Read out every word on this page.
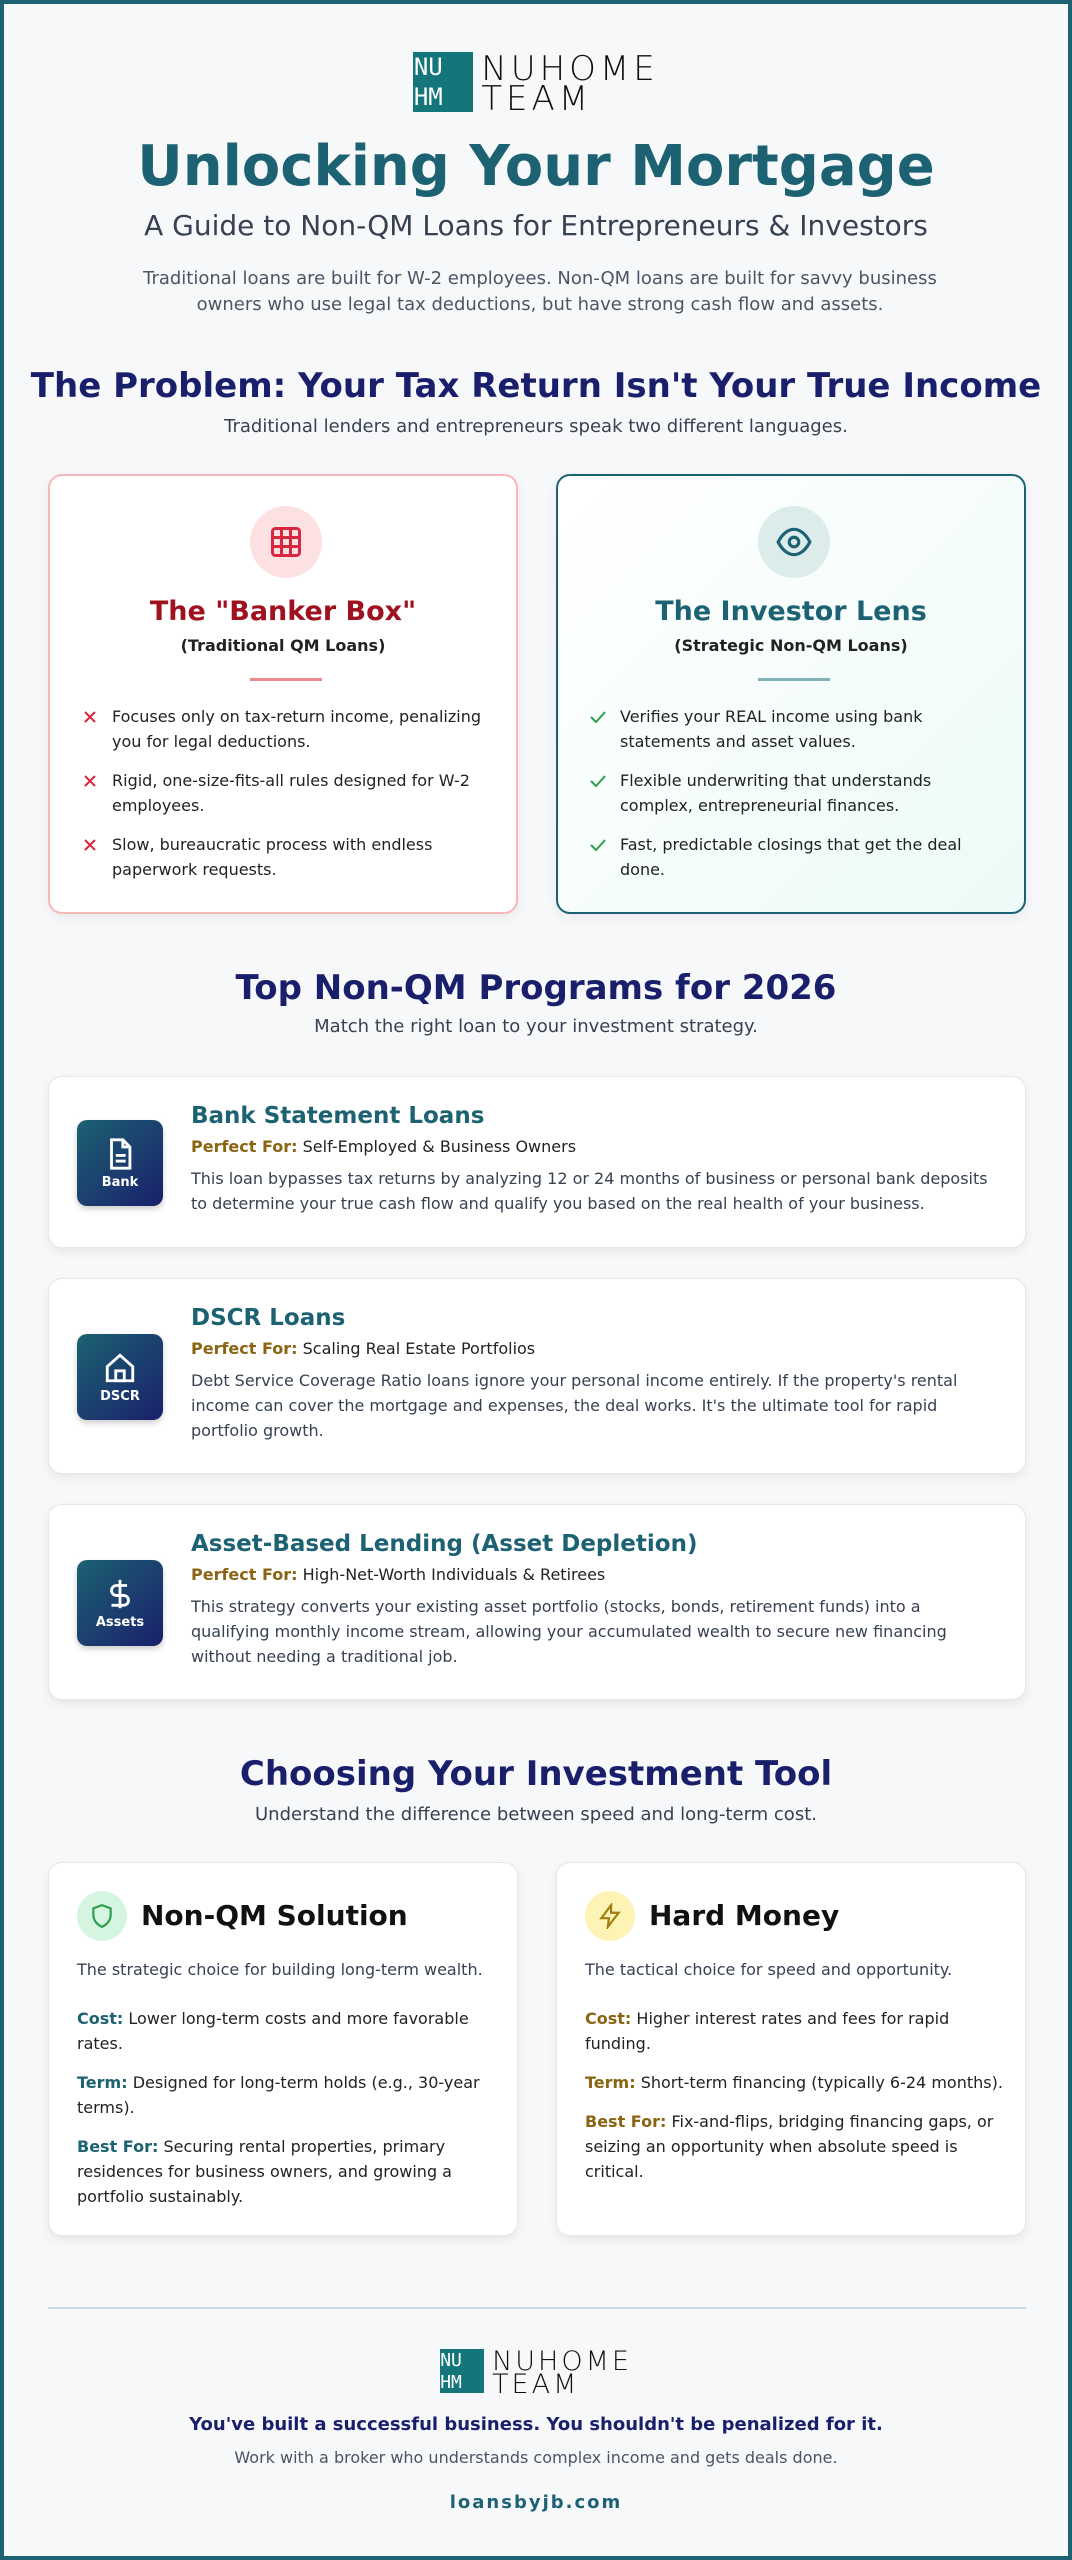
NU
HM
NUHOME
TEAM
Unlocking Your Mortgage
A Guide to Non-QM Loans for Entrepreneurs & Investors

Traditional loans are built for W-2 employees. Non-QM loans are built for savvy business owners who use legal tax deductions, but have strong cash flow and assets.

The Problem: Your Tax Return Isn't Your True Income
Traditional lenders and entrepreneurs speak two different languages.
The "Banker Box"
(Traditional QM Loans)
Focuses only on tax-return income, penalizing you for legal deductions.
Rigid, one-size-fits-all rules designed for W-2 employees.
Slow, bureaucratic process with endless paperwork requests.
The Investor Lens
(Strategic Non-QM Loans)
Verifies your REAL income using bank statements and asset values.
Flexible underwriting that understands complex, entrepreneurial finances.
Fast, predictable closings that get the deal done.
Top Non-QM Programs for 2026
Match the right loan to your investment strategy.
Bank
Bank Statement Loans
Perfect For: Self-Employed & Business Owners
This loan bypasses tax returns by analyzing 12 or 24 months of business or personal bank deposits to determine your true cash flow and qualify you based on the real health of your business.
DSCR
DSCR Loans
Perfect For: Scaling Real Estate Portfolios
Debt Service Coverage Ratio loans ignore your personal income entirely. If the property's rental income can cover the mortgage and expenses, the deal works. It's the ultimate tool for rapid portfolio growth.
Assets
Asset-Based Lending (Asset Depletion)
Perfect For: High-Net-Worth Individuals & Retirees
This strategy converts your existing asset portfolio (stocks, bonds, retirement funds) into a qualifying monthly income stream, allowing your accumulated wealth to secure new financing without needing a traditional job.
Choosing Your Investment Tool
Understand the difference between speed and long-term cost.
Non-QM Solution
The strategic choice for building long-term wealth.
Cost: Lower long-term costs and more favorable rates.
Term: Designed for long-term holds (e.g., 30-year terms).
Best For: Securing rental properties, primary residences for business owners, and growing a portfolio sustainably.
Hard Money
The tactical choice for speed and opportunity.
Cost: Higher interest rates and fees for rapid funding.
Term: Short-term financing (typically 6-24 months).
Best For: Fix-and-flips, bridging financing gaps, or seizing an opportunity when absolute speed is critical.
NU
HM
NUHOME
TEAM
You've built a successful business. You shouldn't be penalized for it.
Work with a broker who understands complex income and gets deals done.
loansbyjb.com
